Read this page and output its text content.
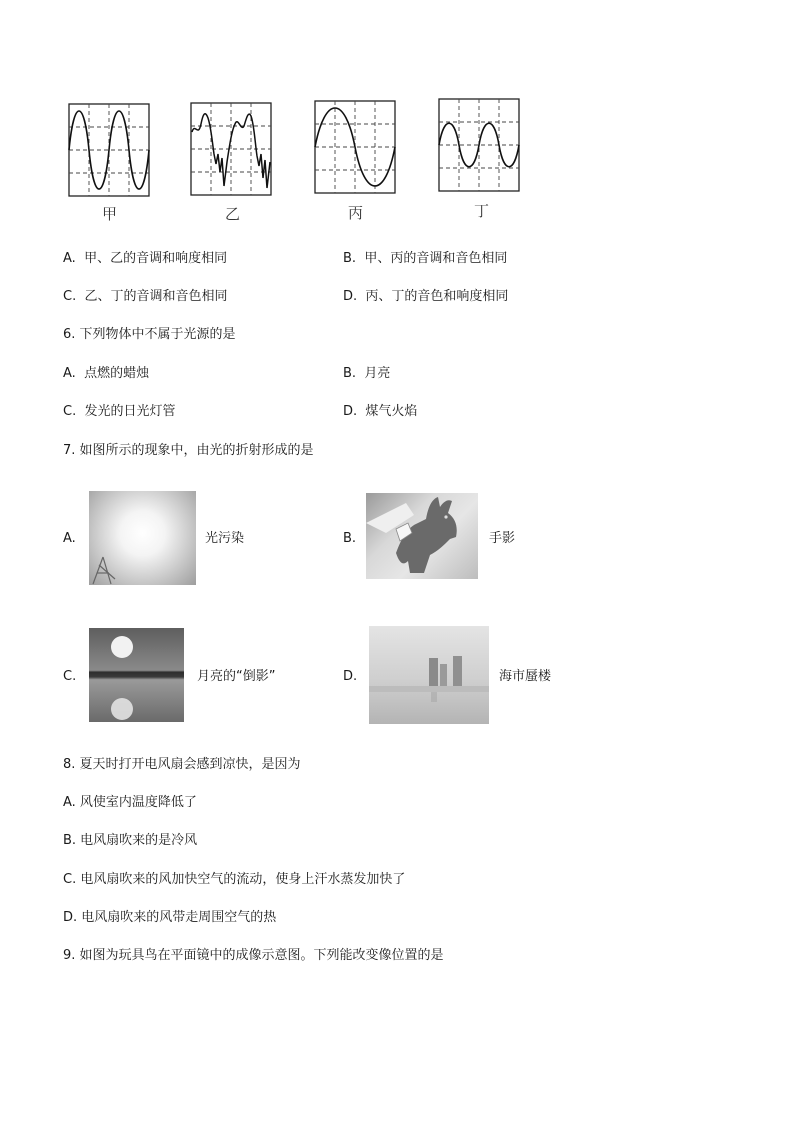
甲	乙	丙	丁
A. 甲、乙的音调和响度相同	B. 甲、丙的音调和音色相同
C. 乙、丁的音调和音色相同	D. 丙、丁的音色和响度相同
6. 下列物体中不属于光源的是
A. 点燃的蜡烛	B. 月亮
C. 发光的日光灯管	D. 煤气火焰
7. 如图所示的现象中，由光的折射形成的是
A.	光污染	B.	手影
C.	月亮的“倒影”	D.	海市蜃楼
8. 夏天时打开电风扇会感到凉快，是因为
A. 风使室内温度降低了
B. 电风扇吹来的是冷风
C. 电风扇吹来的风加快空气的流动，使身上汗水蒸发加快了
D. 电风扇吹来的风带走周围空气的热
9. 如图为玩具鸟在平面镜中的成像示意图。下列能改变像位置的是
